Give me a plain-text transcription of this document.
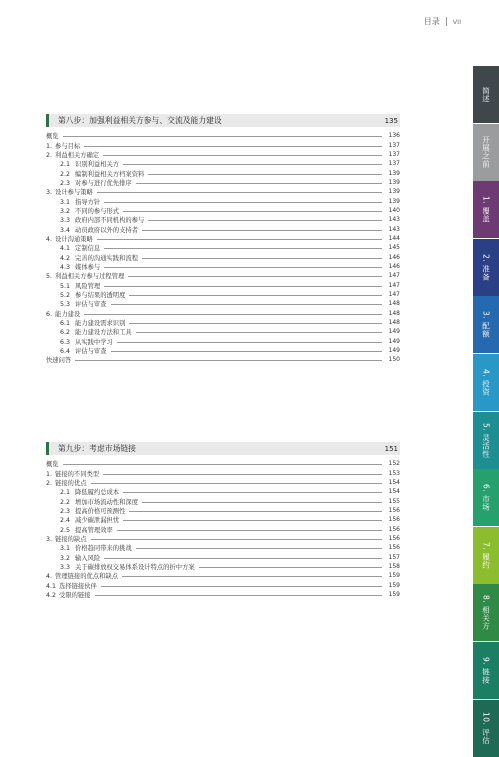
目录 VII
简述
开展之前
1. 覆盖
2. 准备
3. 配额
4. 投资
5. 灵活性
6. 市场
7. 履约
8. 相关方
9. 链接
10. 评估
第八步：加强利益相关方参与、交流及能力建设	135
概览	136
1. 参与目标	137
2. 利益相关方确定	137
2.1 识别利益相关方	137
2.2 编制利益相关方档案资料	139
2.3 对参与进行优先排序	139
3. 设计参与策略	139
3.1 指导方针	139
3.2 不同的参与形式	140
3.3 政府内部不同机构的参与	143
3.4 动员政府以外的支持者	143
4. 设计沟通策略	144
4.1 定制信息	145
4.2 完善的沟通实践和流程	146
4.3 媒体参与	146
5. 利益相关方参与过程管理	147
5.1 风险管理	147
5.2 参与结果的透明度	147
5.3 评估与审查	148
6. 能力建设	148
6.1 能力建设需求识别	148
6.2 能力建设方法和工具	149
6.3 从实践中学习	149
6.4 评估与审查	149
快速问答	150
第九步：考虑市场链接	151
概览	152
1. 链接的不同类型	153
2. 链接的优点	154
2.1 降低履约总成本	154
2.2 增加市场流动性和深度	155
2.3 提高价格可预测性	156
2.4 减少碳泄漏担忧	156
2.5 提高管理效率	156
3. 链接的缺点	156
3.1 价格趋同带来的挑战	156
3.2 输入风险	157
3.3 关于碳排放权交易体系设计特点的折中方案	158
4. 管理链接的优点和缺点	159
4.1 选择链接伙伴	159
4.2 受限的链接	159
